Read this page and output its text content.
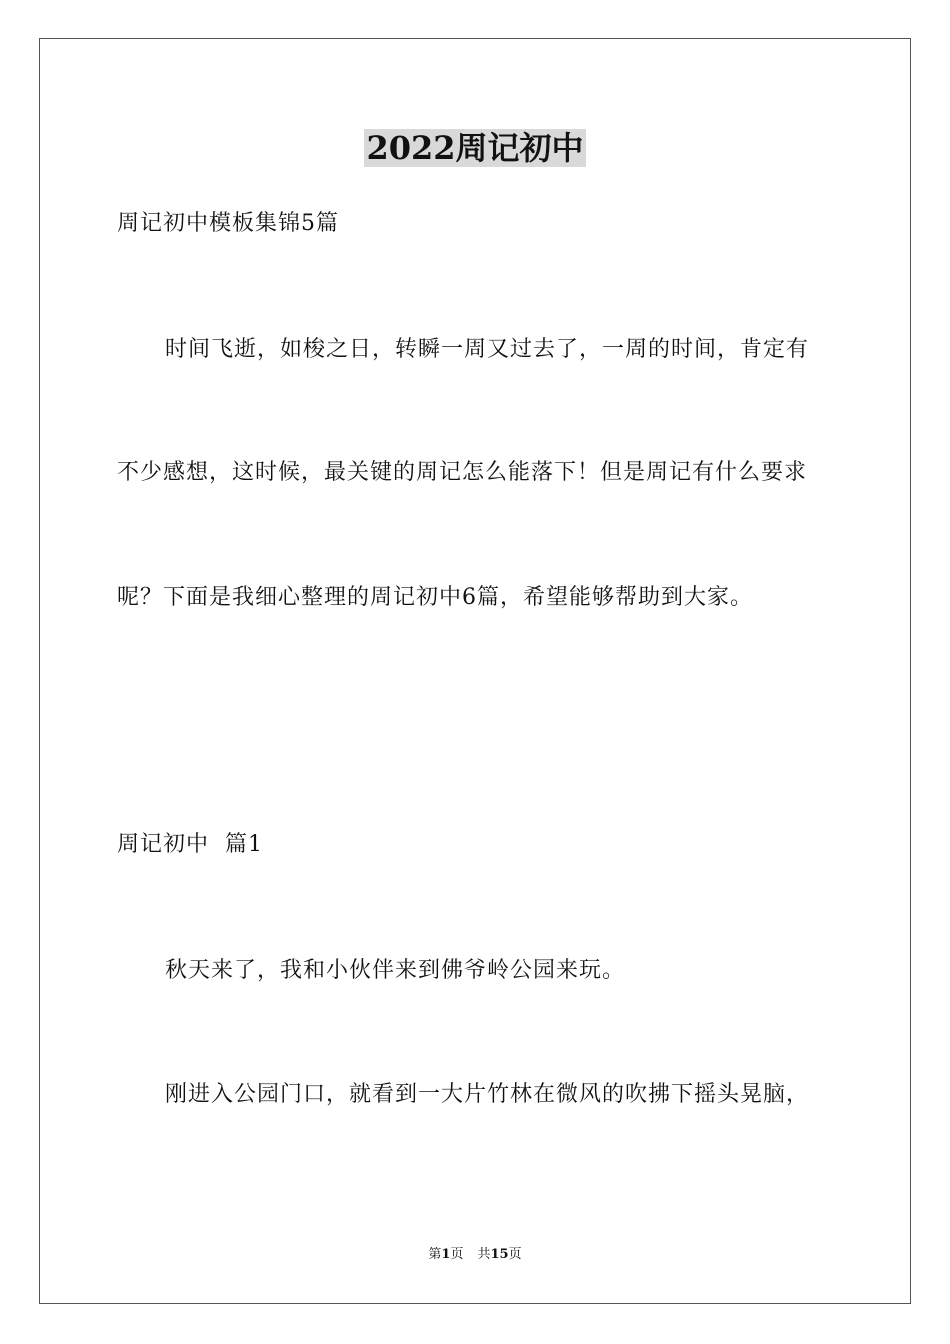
2022周记初中
周记初中模板集锦5篇
时间飞逝，如梭之日，转瞬一周又过去了，一周的时间，肯定有
不少感想，这时候，最关键的周记怎么能落下！但是周记有什么要求
呢？下面是我细心整理的周记初中6篇，希望能够帮助到大家。
周记初中  篇1
秋天来了，我和小伙伴来到佛爷岭公园来玩。
刚进入公园门口，就看到一大片竹林在微风的吹拂下摇头晃脑，
第1页 共15页
